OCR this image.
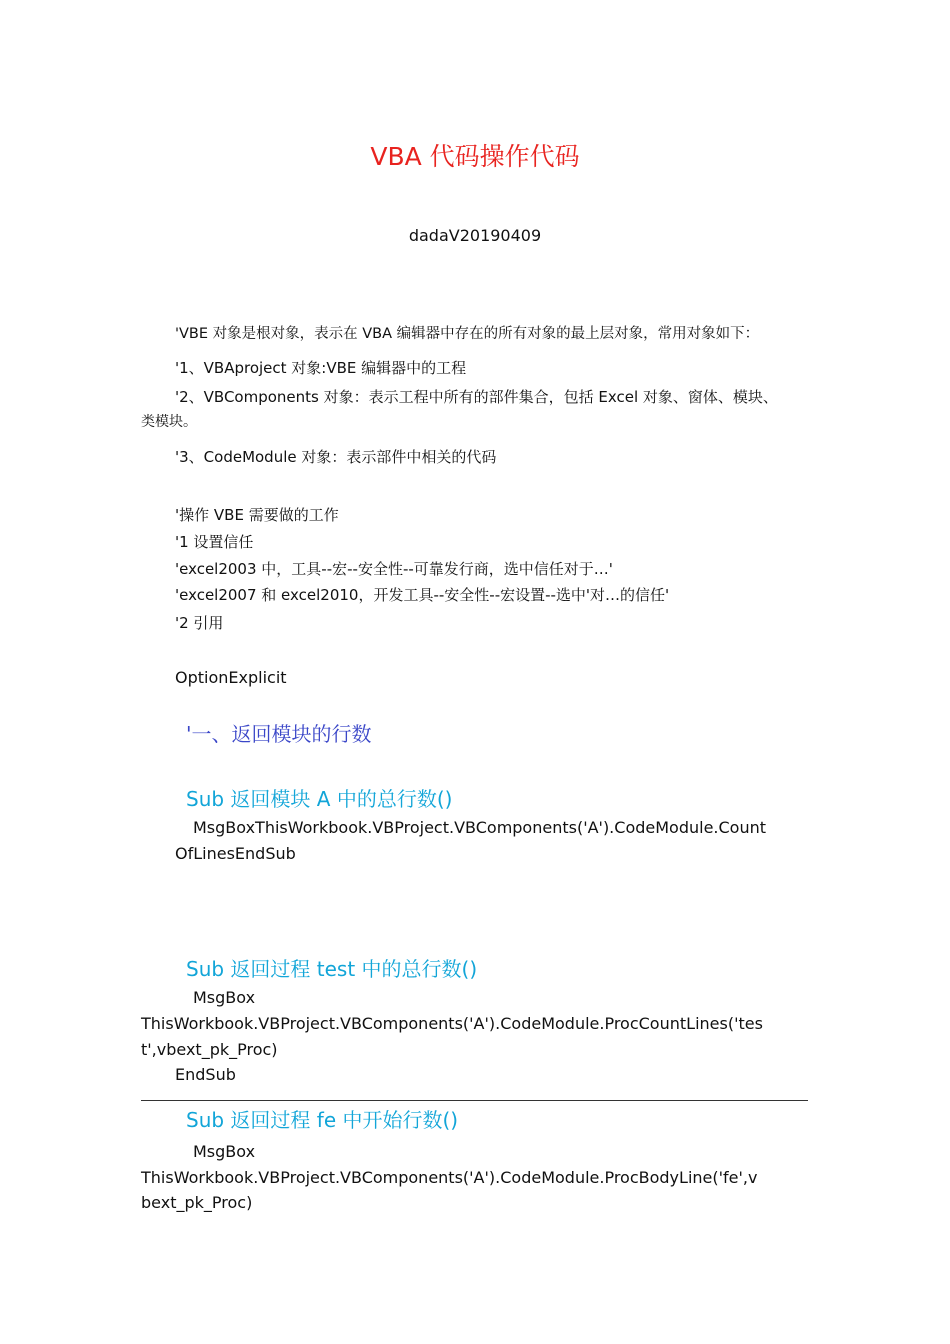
VBA 代码操作代码
dadaV20190409
'VBE 对象是根对象，表示在 VBA 编辑器中存在的所有对象的最上层对象，常用对象如下：
'1、VBAproject 对象:VBE 编辑器中的工程
'2、VBComponents 对象：表示工程中所有的部件集合，包括 Excel 对象、窗体、模块、
类模块。
'3、CodeModule 对象：表示部件中相关的代码
'操作 VBE 需要做的工作
'1 设置信任
'excel2003 中，工具--宏--安全性--可靠发行商，选中信任对于…'
'excel2007 和 excel2010，开发工具--安全性--宏设置--选中'对…的信任'
'2 引用
OptionExplicit
'一、返回模块的行数
Sub 返回模块 A 中的总行数()
MsgBoxThisWorkbook.VBProject.VBComponents('A').CodeModule.Count
OfLinesEndSub
Sub 返回过程 test 中的总行数()
MsgBox
ThisWorkbook.VBProject.VBComponents('A').CodeModule.ProcCountLines('tes
t',vbext_pk_Proc)
EndSub
Sub 返回过程 fe 中开始行数()
MsgBox
ThisWorkbook.VBProject.VBComponents('A').CodeModule.ProcBodyLine('fe',v
bext_pk_Proc)
